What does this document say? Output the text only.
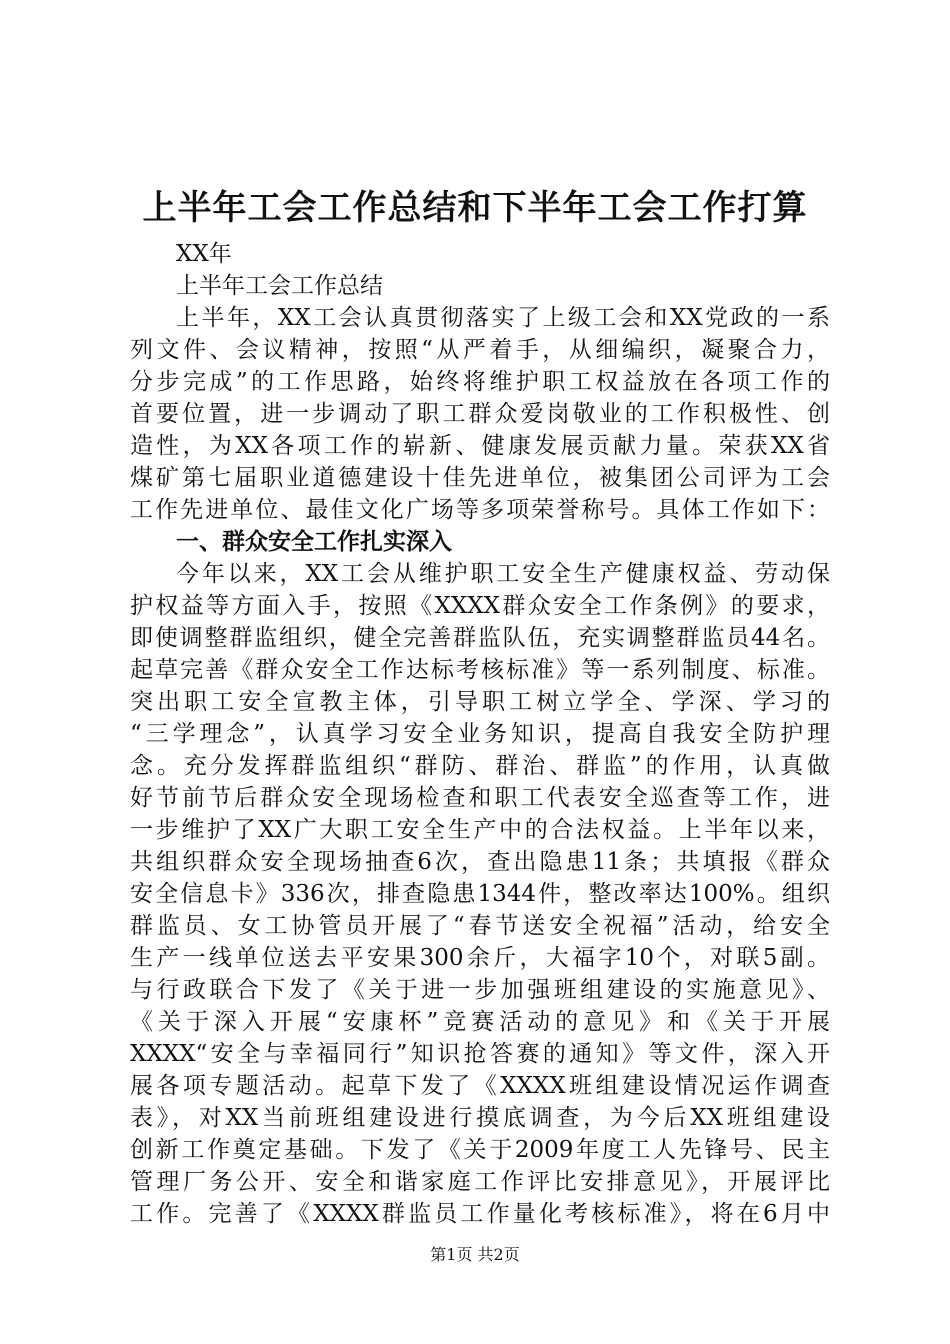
上半年工会工作总结和下半年工会工作打算
XX年
上半年工会工作总结
上半年，XX工会认真贯彻落实了上级工会和XX党政的一系
列文件、会议精神，按照“从严着手，从细编织，凝聚合力，
分步完成”的工作思路，始终将维护职工权益放在各项工作的
首要位置，进一步调动了职工群众爱岗敬业的工作积极性、创
造性，为XX各项工作的崭新、健康发展贡献力量。荣获XX省
煤矿第七届职业道德建设十佳先进单位，被集团公司评为工会
工作先进单位、最佳文化广场等多项荣誉称号。具体工作如下：
一、群众安全工作扎实深入
今年以来，XX工会从维护职工安全生产健康权益、劳动保
护权益等方面入手，按照《XXXX群众安全工作条例》的要求，
即使调整群监组织，健全完善群监队伍，充实调整群监员44名。
起草完善《群众安全工作达标考核标准》等一系列制度、标准。
突出职工安全宣教主体，引导职工树立学全、学深、学习的
“三学理念”，认真学习安全业务知识，提高自我安全防护理
念。充分发挥群监组织“群防、群治、群监”的作用，认真做
好节前节后群众安全现场检查和职工代表安全巡查等工作，进
一步维护了XX广大职工安全生产中的合法权益。上半年以来，
共组织群众安全现场抽查6次，查出隐患11条；共填报《群众
安全信息卡》336次，排查隐患1344件，整改率达100%。组织
群监员、女工协管员开展了“春节送安全祝福”活动，给安全
生产一线单位送去平安果300余斤，大福字10个，对联5副。
与行政联合下发了《关于进一步加强班组建设的实施意见》、
《关于深入开展“安康杯”竞赛活动的意见》和《关于开展
XXXX“安全与幸福同行”知识抢答赛的通知》等文件，深入开
展各项专题活动。起草下发了《XXXX班组建设情况运作调查
表》，对XX当前班组建设进行摸底调查，为今后XX班组建设
创新工作奠定基础。下发了《关于2009年度工人先锋号、民主
管理厂务公开、安全和谐家庭工作评比安排意见》，开展评比
工作。完善了《XXXX群监员工作量化考核标准》，将在6月中
第1页 共2页
